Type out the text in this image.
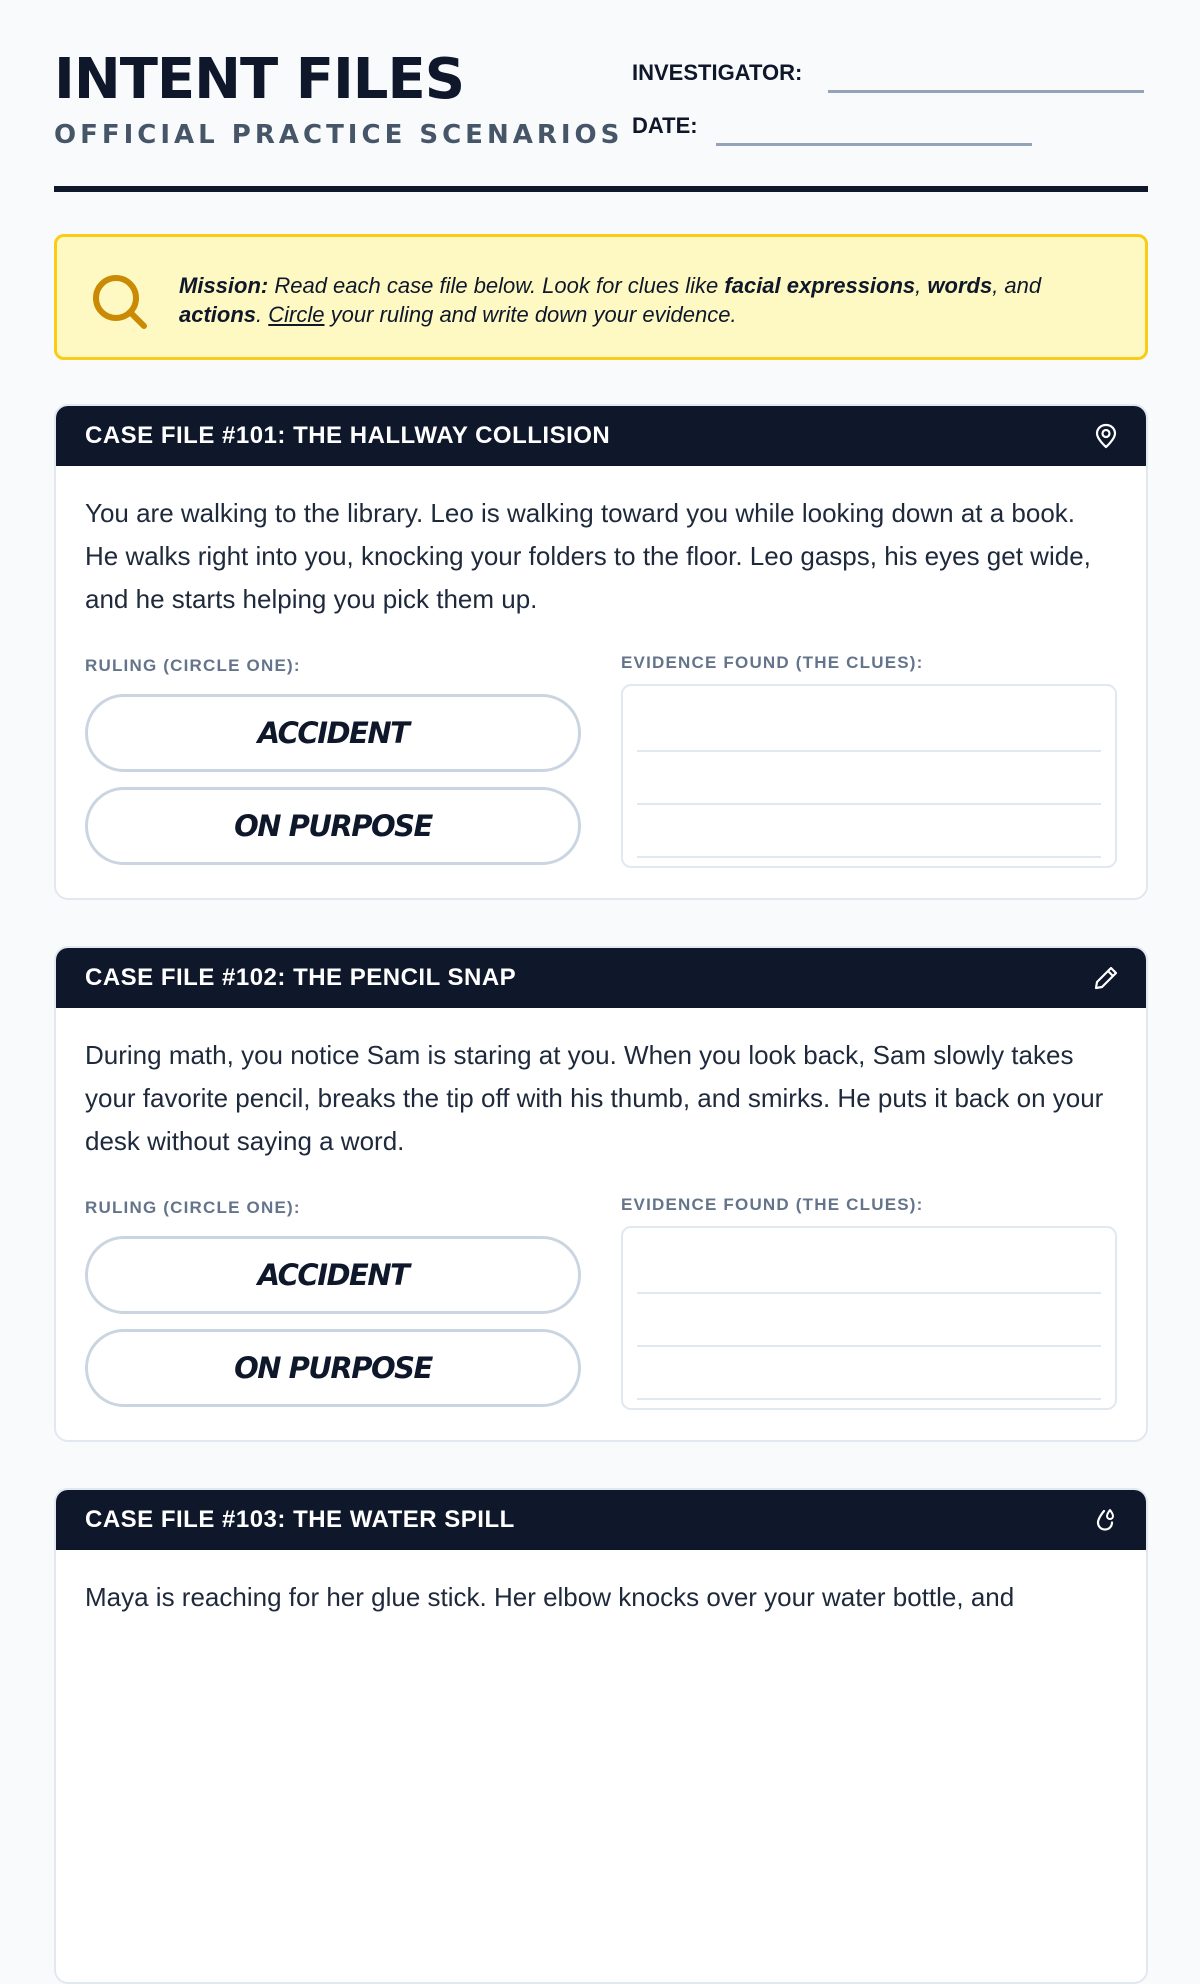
INTENT FILES

OFFICIAL PRACTICE SCENARIOS

INVESTIGATOR:
DATE:
Mission: Read each case file below. Look for clues like facial expressions, words, and actions. Circle your ruling and write down your evidence.
CASE FILE #101: THE HALLWAY COLLISION

You are walking to the library. Leo is walking toward you while looking down at a book. He walks right into you, knocking your folders to the floor. Leo gasps, his eyes get wide, and he starts helping you pick them up.

RULING (CIRCLE ONE):	EVIDENCE FOUND (THE CLUES):

ACCIDENT
ON PURPOSE
CASE FILE #102: THE PENCIL SNAP

During math, you notice Sam is staring at you. When you look back, Sam slowly takes your favorite pencil, breaks the tip off with his thumb, and smirks. He puts it back on your desk without saying a word.

RULING (CIRCLE ONE):	EVIDENCE FOUND (THE CLUES):

ACCIDENT
ON PURPOSE
CASE FILE #103: THE WATER SPILL

Maya is reaching for her glue stick. Her elbow knocks over your water bottle, and
